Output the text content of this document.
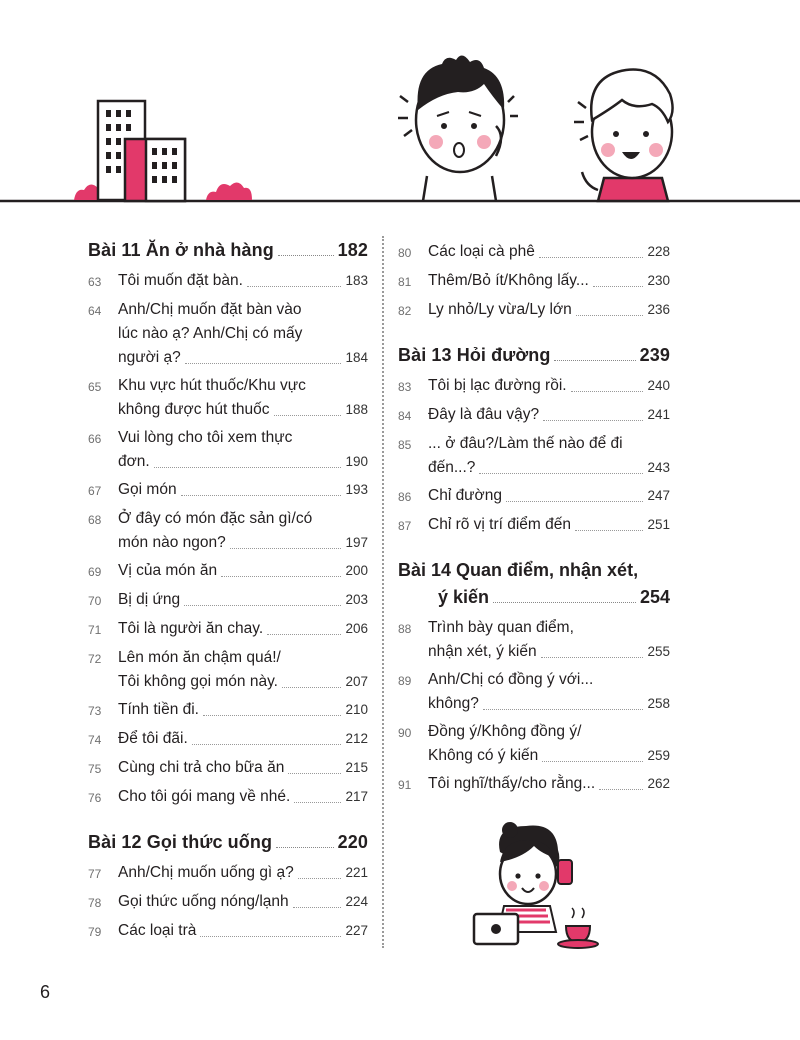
Bài 11 Ăn ở nhà hàng	182
63	Tôi muốn đặt bàn.	183
64	Anh/Chị muốn đặt bàn vào
lúc nào ạ? Anh/Chị có mấy
người ạ?	184
65	Khu vực hút thuốc/Khu vực
không được hút thuốc	188
66	Vui lòng cho tôi xem thực
đơn.	190
67	Gọi món	193
68	Ở đây có món đặc sản gì/có
món nào ngon?	197
69	Vị của món ăn	200
70	Bị dị ứng	203
71	Tôi là người ăn chay.	206
72	Lên món ăn chậm quá!/
Tôi không gọi món này.	207
73	Tính tiền đi.	210
74	Để tôi đãi.	212
75	Cùng chi trả cho bữa ăn	215
76	Cho tôi gói mang về nhé.	217
Bài 12 Gọi thức uống	220
77	Anh/Chị muốn uống gì ạ?	221
78	Gọi thức uống nóng/lạnh	224
79	Các loại trà	227
80	Các loại cà phê	228
81	Thêm/Bỏ ít/Không lấy...	230
82	Ly nhỏ/Ly vừa/Ly lớn	236
Bài 13 Hỏi đường	239
83	Tôi bị lạc đường rồi.	240
84	Đây là đâu vậy?	241
85	... ở đâu?/Làm thế nào để đi
đến...?	243
86	Chỉ đường	247
87	Chỉ rõ vị trí điểm đến	251
Bài 14 Quan điểm, nhận xét,
ý kiến	254
88	Trình bày quan điểm,
nhận xét, ý kiến	255
89	Anh/Chị có đồng ý với...
không?	258
90	Đồng ý/Không đồng ý/
Không có ý kiến	259
91	Tôi nghĩ/thấy/cho rằng...	262
6
